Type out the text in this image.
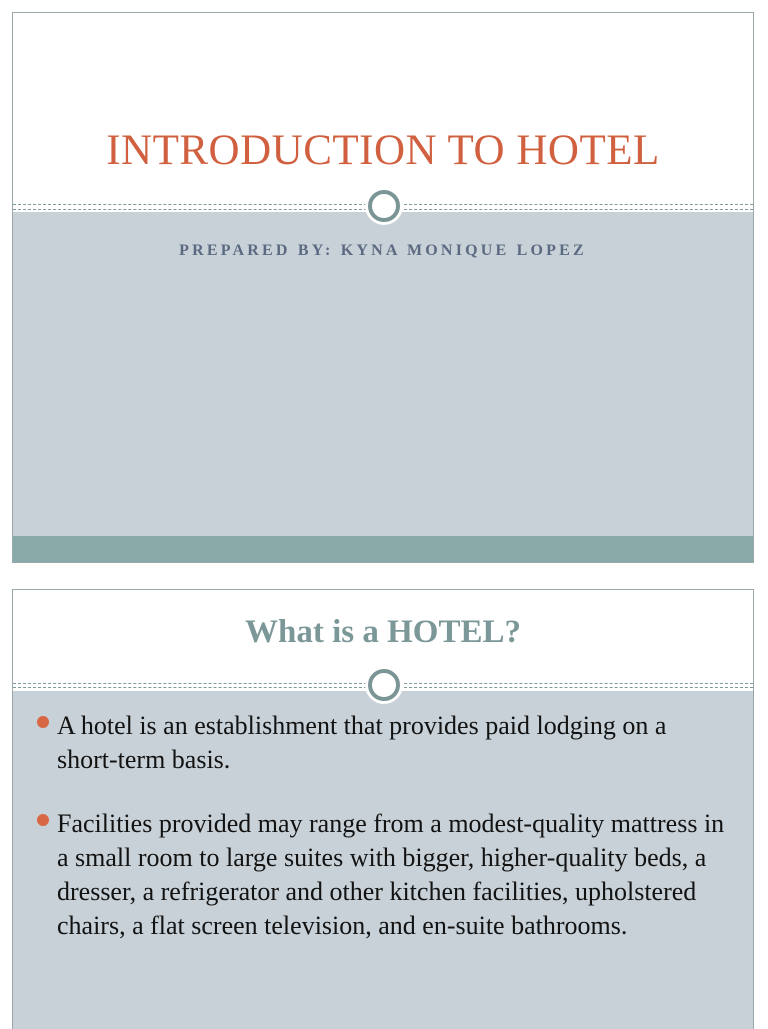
INTRODUCTION TO HOTEL
PREPARED BY: KYNA MONIQUE LOPEZ
What is a HOTEL?
A hotel is an establishment that provides paid lodging on a short-term basis.
Facilities provided may range from a modest-quality mattress in a small room to large suites with bigger, higher-quality beds, a dresser, a refrigerator and other kitchen facilities, upholstered chairs, a flat screen television, and en-suite bathrooms.
